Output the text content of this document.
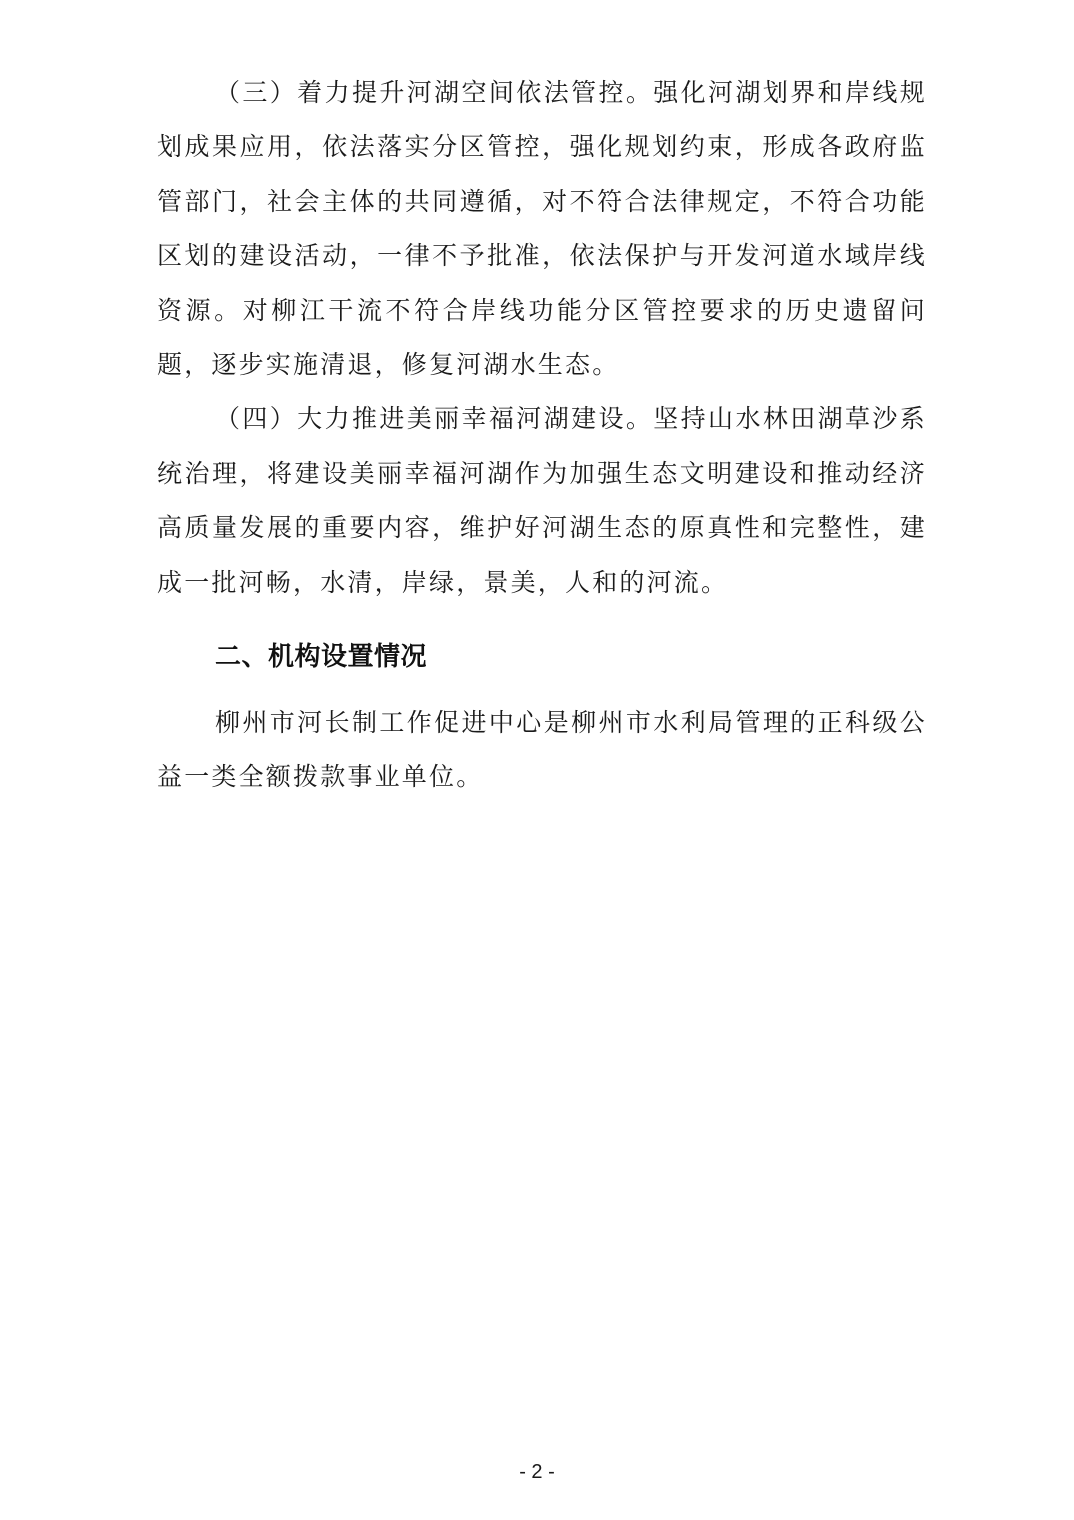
（三）着力提升河湖空间依法管控。强化河湖划界和岸线规划成果应用，依法落实分区管控，强化规划约束，形成各政府监管部门，社会主体的共同遵循，对不符合法律规定，不符合功能区划的建设活动，一律不予批准，依法保护与开发河道水域岸线资源。对柳江干流不符合岸线功能分区管控要求的历史遗留问题，逐步实施清退，修复河湖水生态。

（四）大力推进美丽幸福河湖建设。坚持山水林田湖草沙系统治理，将建设美丽幸福河湖作为加强生态文明建设和推动经济高质量发展的重要内容，维护好河湖生态的原真性和完整性，建成一批河畅，水清，岸绿，景美，人和的河流。

二、机构设置情况

柳州市河长制工作促进中心是柳州市水利局管理的正科级公益一类全额拨款事业单位。

- 2 -
